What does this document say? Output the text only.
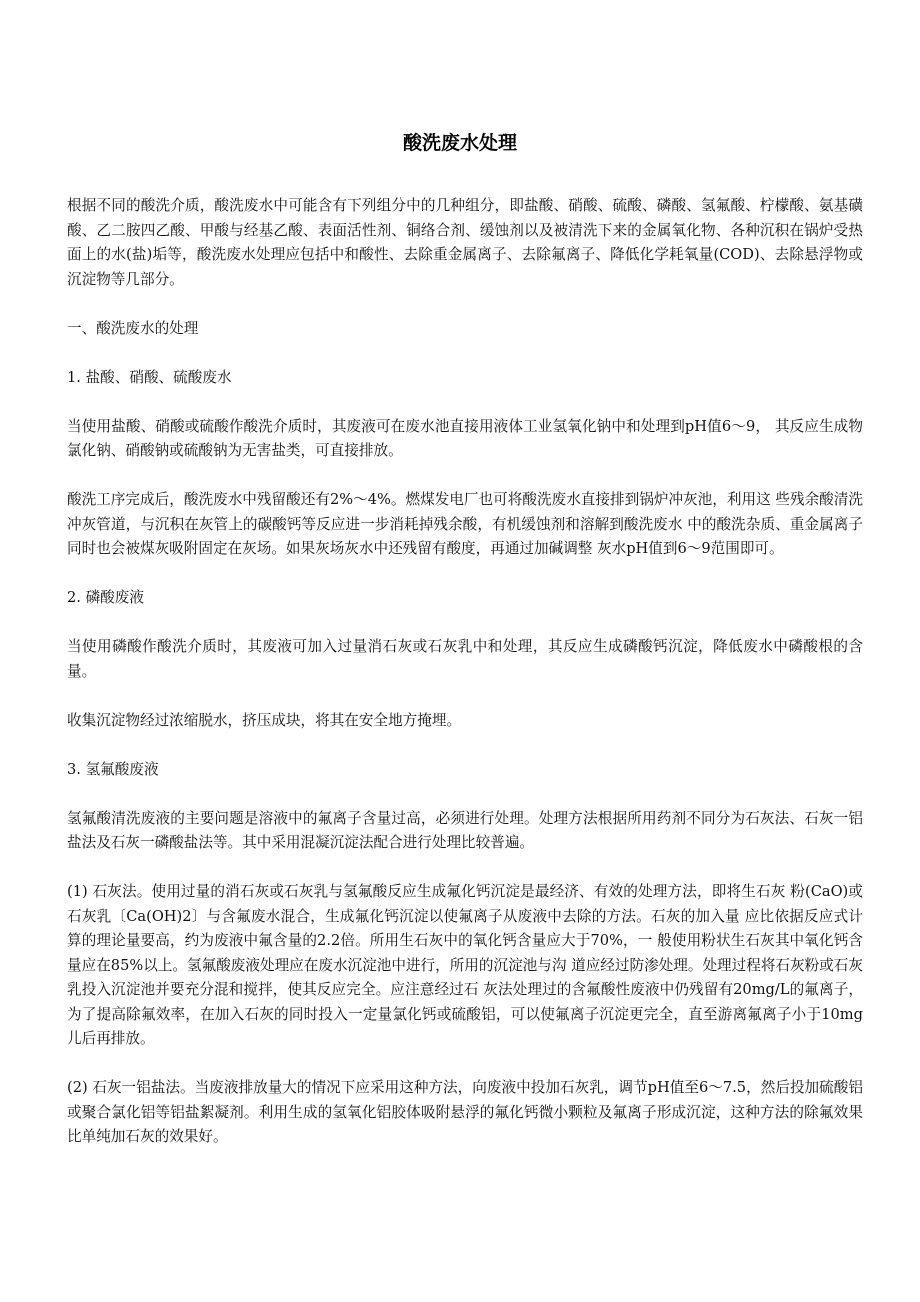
酸洗废水处理

根据不同的酸洗介质，酸洗废水中可能含有下列组分中的几种组分，即盐酸、硝酸、硫酸、磷酸、氢氟酸、柠檬酸、氨基磺酸、乙二胺四乙酸、甲酸与经基乙酸、表面活性剂、铜络合剂、缓蚀剂以及被清洗下来的金属氧化物、各种沉积在锅炉受热面上的水(盐)垢等，酸洗废水处理应包括中和酸性、去除重金属离子、去除氟离子、降低化学耗氧量(COD)、去除悬浮物或沉淀物等几部分。

一、酸洗废水的处理

1. 盐酸、硝酸、硫酸废水

当使用盐酸、硝酸或硫酸作酸洗介质时，其废液可在废水池直接用液体工业氢氧化钠中和处理到pH值6～9， 其反应生成物氯化钠、硝酸钠或硫酸钠为无害盐类，可直接排放。

酸洗工序完成后，酸洗废水中残留酸还有2%～4%。燃煤发电厂也可将酸洗废水直接排到锅炉冲灰池，利用这 些残余酸清洗冲灰管道，与沉积在灰管上的碳酸钙等反应进一步消耗掉残余酸，有机缓蚀剂和溶解到酸洗废水 中的酸洗杂质、重金属离子同时也会被煤灰吸附固定在灰场。如果灰场灰水中还残留有酸度，再通过加碱调整 灰水pH值到6～9范围即可。

2. 磷酸废液

当使用磷酸作酸洗介质时，其废液可加入过量消石灰或石灰乳中和处理，其反应生成磷酸钙沉淀，降低废水中磷酸根的含量。

收集沉淀物经过浓缩脱水，挤压成块，将其在安全地方掩埋。

3. 氢氟酸废液

氢氟酸清洗废液的主要问题是溶液中的氟离子含量过高，必须进行处理。处理方法根据所用药剂不同分为石灰法、石灰一铝盐法及石灰一磷酸盐法等。其中采用混凝沉淀法配合进行处理比较普遍。

(1) 石灰法。使用过量的消石灰或石灰乳与氢氟酸反应生成氟化钙沉淀是最经济、有效的处理方法，即将生石灰 粉(CaO)或石灰乳〔Ca(OH)2〕与含氟废水混合，生成氟化钙沉淀以使氟离子从废液中去除的方法。石灰的加入量 应比依据反应式计算的理论量要高，约为废液中氟含量的2.2倍。所用生石灰中的氧化钙含量应大于70%，一 般使用粉状生石灰其中氧化钙含量应在85%以上。氢氟酸废液处理应在废水沉淀池中进行，所用的沉淀池与沟 道应经过防渗处理。处理过程将石灰粉或石灰乳投入沉淀池并要充分混和搅拌，使其反应完全。应注意经过石 灰法处理过的含氟酸性废液中仍残留有20mg/L的氟离子，为了提高除氟效率，在加入石灰的同时投入一定量氯化钙或硫酸铝，可以使氟离子沉淀更完全，直至游离氟离子小于10mg儿后再排放。

(2) 石灰一铝盐法。当废液排放量大的情况下应采用这种方法，向废液中投加石灰乳，调节pH值至6～7.5，然后投加硫酸铝或聚合氯化铝等铝盐絮凝剂。利用生成的氢氧化铝胶体吸附悬浮的氟化钙微小颗粒及氟离子形成沉淀，这种方法的除氟效果比单纯加石灰的效果好。
